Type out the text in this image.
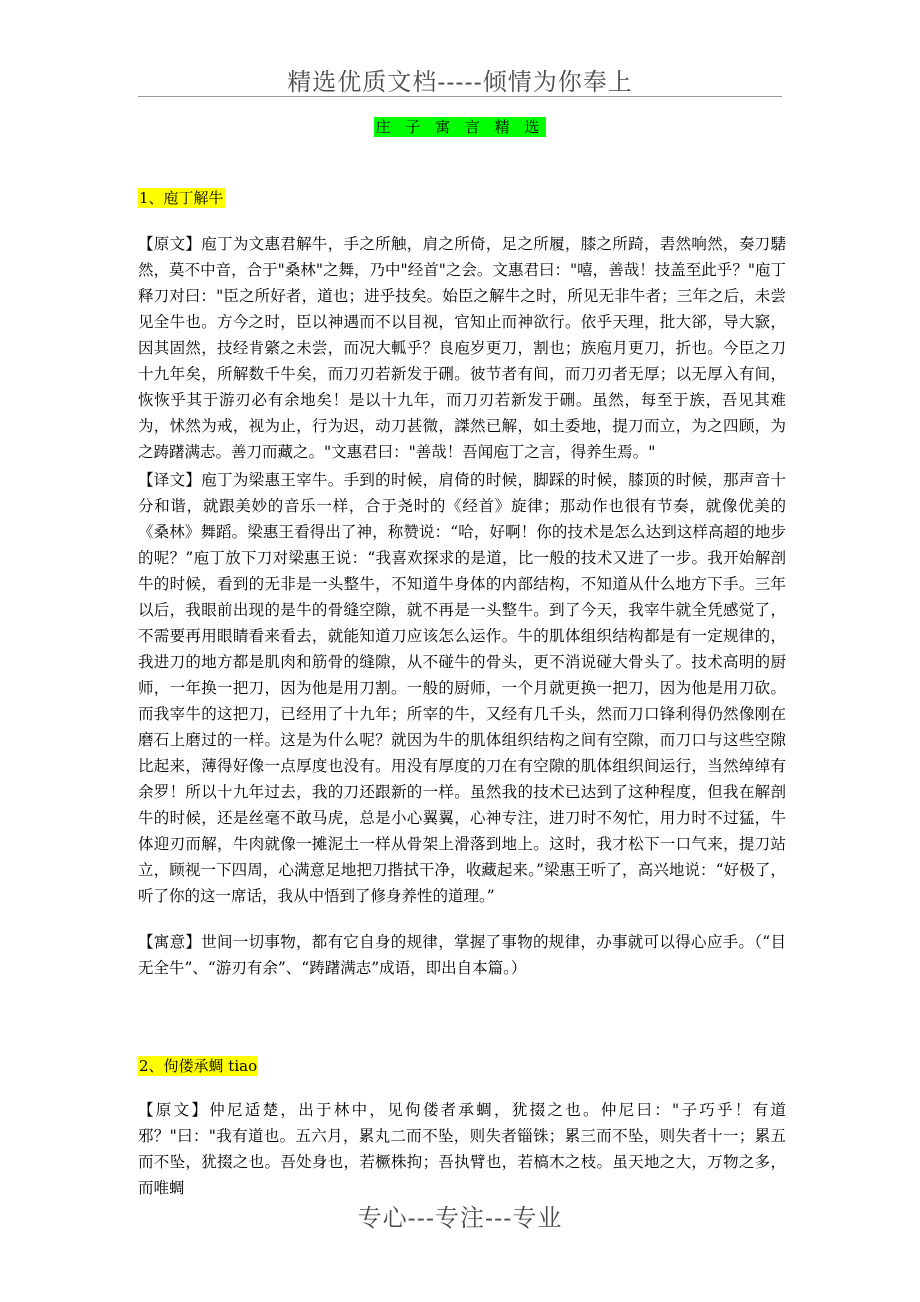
精选优质文档-----倾情为你奉上
庄 子 寓 言 精 选
1、庖丁解牛

【原文】庖丁为文惠君解牛，手之所触，肩之所倚，足之所履，膝之所踦，砉然响然，奏刀騞然，莫不中音，合于"桑林"之舞，乃中"经首"之会。文惠君曰："嘻，善哉！技盖至此乎？"庖丁释刀对曰："臣之所好者，道也；进乎技矣。始臣之解牛之时，所见无非牛者；三年之后，未尝见全牛也。方今之时，臣以神遇而不以目视，官知止而神欲行。依乎天理，批大郤，导大窾，因其固然，技经肯綮之未尝，而况大軱乎？良庖岁更刀，割也；族庖月更刀，折也。今臣之刀十九年矣，所解数千牛矣，而刀刃若新发于硎。彼节者有间，而刀刃者无厚；以无厚入有间，恢恢乎其于游刃必有余地矣！是以十九年，而刀刃若新发于硎。虽然，每至于族，吾见其难为，怵然为戒，视为止，行为迟，动刀甚微，謋然已解，如土委地，提刀而立，为之四顾，为之踌躇满志。善刀而藏之。"文惠君曰："善哉！吾闻庖丁之言，得养生焉。"

【译文】庖丁为梁惠王宰牛。手到的时候，肩倚的时候，脚踩的时候，膝顶的时候，那声音十分和谐，就跟美妙的音乐一样，合于尧时的《经首》旋律；那动作也很有节奏，就像优美的《桑林》舞蹈。梁惠王看得出了神，称赞说：“哈，好啊！你的技术是怎么达到这样高超的地步的呢？”庖丁放下刀对梁惠王说：“我喜欢探求的是道，比一般的技术又进了一步。我开始解剖牛的时候，看到的无非是一头整牛，不知道牛身体的内部结构，不知道从什么地方下手。三年以后，我眼前出现的是牛的骨缝空隙，就不再是一头整牛。到了今天，我宰牛就全凭感觉了，不需要再用眼睛看来看去，就能知道刀应该怎么运作。牛的肌体组织结构都是有一定规律的，我进刀的地方都是肌肉和筋骨的缝隙，从不碰牛的骨头，更不消说碰大骨头了。技术高明的厨师，一年换一把刀，因为他是用刀割。一般的厨师，一个月就更换一把刀，因为他是用刀砍。而我宰牛的这把刀，已经用了十九年；所宰的牛，又经有几千头，然而刀口锋利得仍然像刚在磨石上磨过的一样。这是为什么呢？就因为牛的肌体组织结构之间有空隙，而刀口与这些空隙比起来，薄得好像一点厚度也没有。用没有厚度的刀在有空隙的肌体组织间运行，当然绰绰有余罗！所以十九年过去，我的刀还跟新的一样。虽然我的技术已达到了这种程度，但我在解剖牛的时候，还是丝毫不敢马虎，总是小心翼翼，心神专注，进刀时不匆忙，用力时不过猛，牛体迎刃而解，牛肉就像一摊泥土一样从骨架上滑落到地上。这时，我才松下一口气来，提刀站立，顾视一下四周，心满意足地把刀揩拭干净，收藏起来。”梁惠王听了，高兴地说：“好极了，听了你的这一席话，我从中悟到了修身养性的道理。”

【寓意】世间一切事物，都有它自身的规律，掌握了事物的规律，办事就可以得心应手。（“目无全牛”、“游刃有余”、“踌躇满志”成语，即出自本篇。）

2、佝偻承蜩 tiao

【原文】仲尼适楚，出于林中，见佝偻者承蜩，犹掇之也。仲尼曰："子巧乎！有道邪？"曰："我有道也。五六月，累丸二而不坠，则失者锱铢；累三而不坠，则失者十一；累五而不坠，犹掇之也。吾处身也，若橛株拘；吾执臂也，若槁木之枝。虽天地之大，万物之多，而唯蜩

专心---专注---专业
